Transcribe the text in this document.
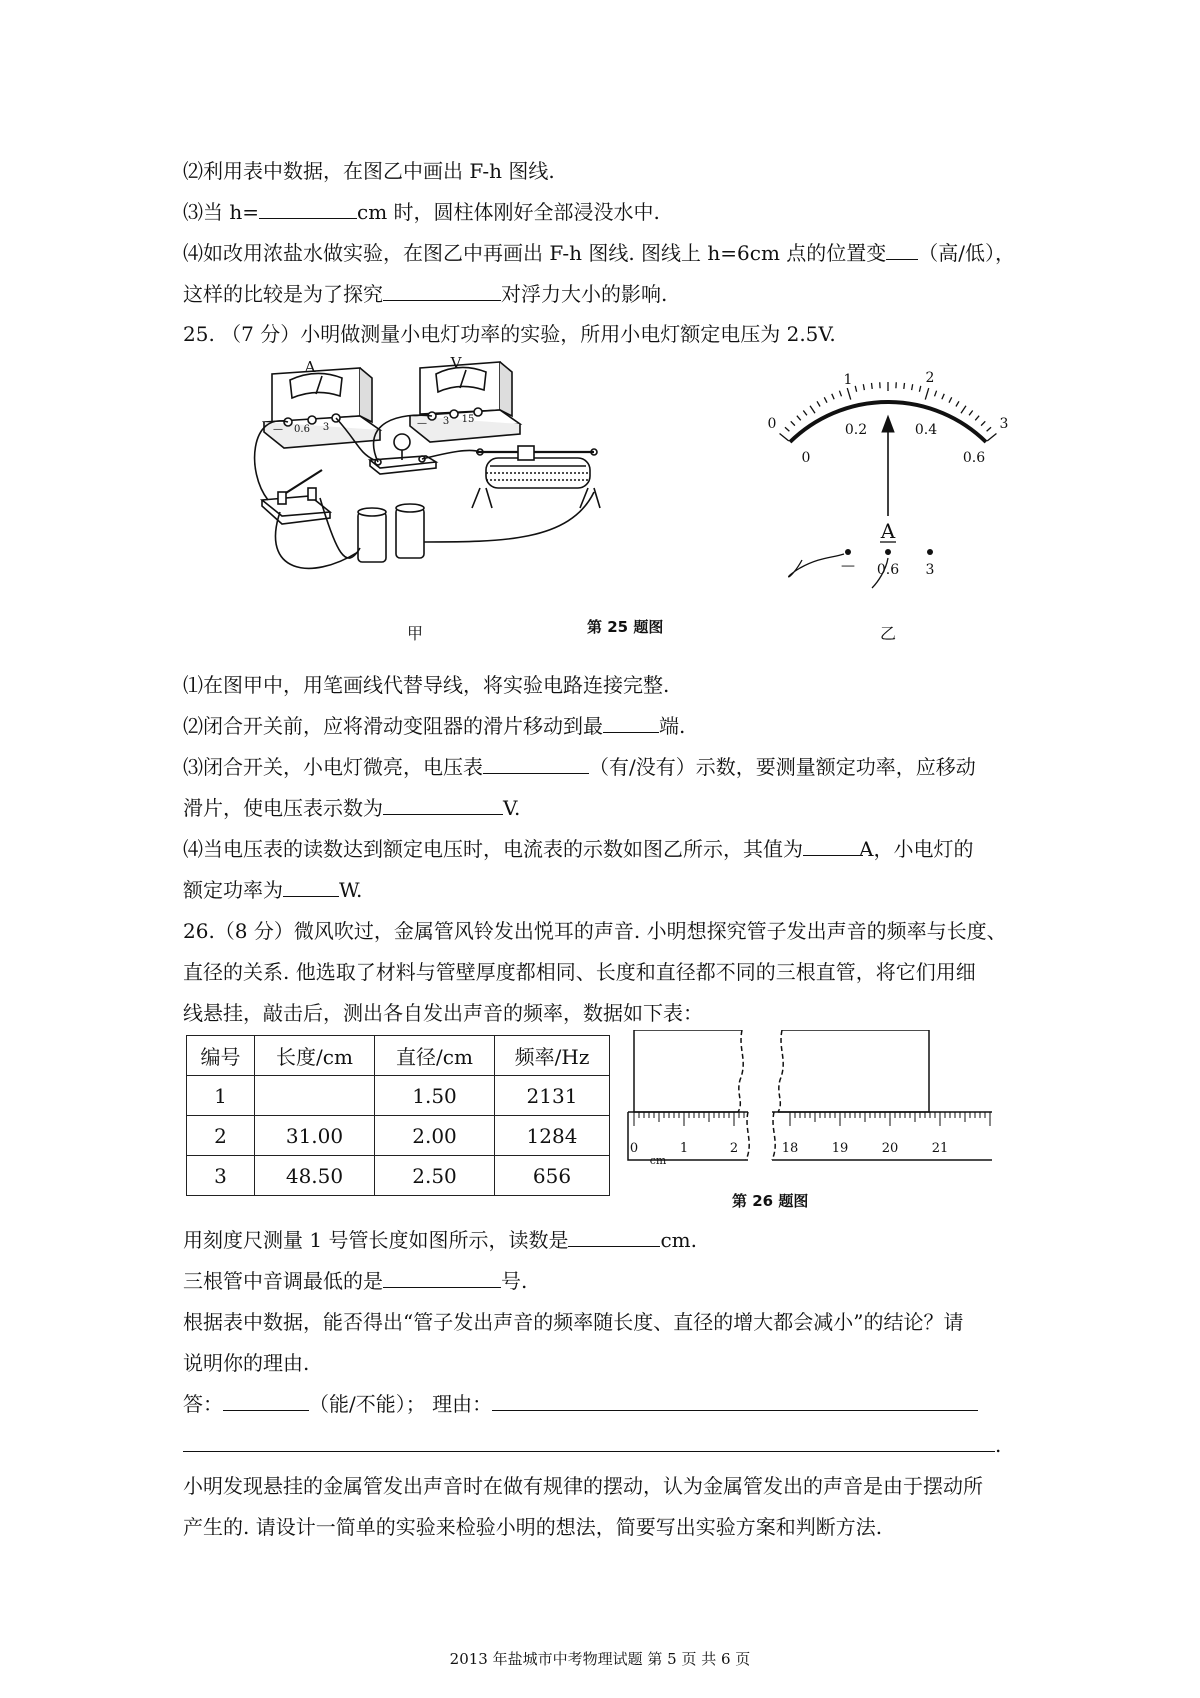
⑵利用表中数据，在图乙中画出 F-h 图线.
⑶当 h=	cm 时，圆柱体刚好全部浸没水中.
⑷如改用浓盐水做实验，在图乙中再画出 F-h 图线. 图线上 h=6cm 点的位置变 （高/低），
这样的比较是为了探究	对浮力大小的影响.
25. （7 分）小明做测量小电灯功率的实验，所用小电灯额定电压为 2.5V.
A	V
— 0.6 3	— 3 15
甲	第 25 题图
0
1	2
3
0
0.2	0.4
0.6
A
— 0.6 3
乙
⑴在图甲中，用笔画线代替导线，将实验电路连接完整.
⑵闭合开关前，应将滑动变阻器的滑片移动到最	端.
⑶闭合开关，小电灯微亮，电压表	（有/没有）示数，要测量额定功率，应移动
滑片，使电压表示数为	V.
⑷当电压表的读数达到额定电压时，电流表的示数如图乙所示，其值为	A，小电灯的
额定功率为	W.
26.（8 分）微风吹过，金属管风铃发出悦耳的声音. 小明想探究管子发出声音的频率与长度、
直径的关系. 他选取了材料与管壁厚度都相同、长度和直径都不同的三根直管，将它们用细
线悬挂，敲击后，测出各自发出声音的频率，数据如下表：
编号	长度/cm	直径/cm	频率/Hz
1		1.50	2131
2	31.00	2.00	1284
3	48.50	2.50	656
0	1	2
cm
18	19	20	21
第 26 题图
用刻度尺测量 1 号管长度如图所示，读数是	cm.
三根管中音调最低的是	号.
根据表中数据，能否得出“管子发出声音的频率随长度、直径的增大都会减小”的结论？请
说明你的理由.
答：	（能/不能）； 理由：
.
小明发现悬挂的金属管发出声音时在做有规律的摆动，认为金属管发出的声音是由于摆动所
产生的. 请设计一简单的实验来检验小明的想法，简要写出实验方案和判断方法.
2013 年盐城市中考物理试题 第 5 页 共 6 页
